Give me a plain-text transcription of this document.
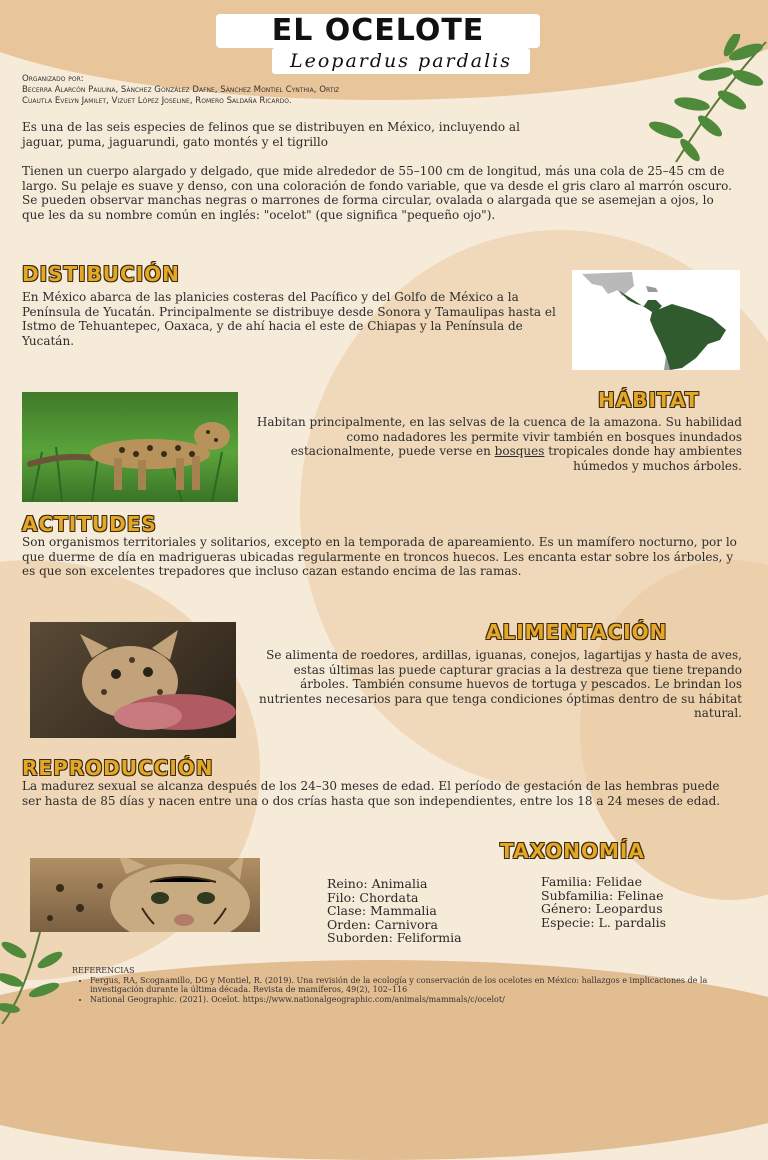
EL OCELOTE
Leopardus pardalis
Organizado por:
Becerra Alarcón Paulina, Sánchez González Dafne, Sánchez Montiel Cynthia, Ortiz
Cuautla Evelyn Jamilet, Vizuet López Joseline, Romero Saldaña Ricardo.
Es una de las seis especies de felinos que se distribuyen en México, incluyendo al jaguar, puma, jaguarundi, gato montés y el tigrillo
Tienen un cuerpo alargado y delgado, que mide alrededor de 55–100 cm de longitud, más una cola de 25–45 cm de largo. Su pelaje es suave y denso, con una coloración de fondo variable, que va desde el gris claro al marrón oscuro. Se pueden observar manchas negras o marrones de forma circular, ovalada o alargada que se asemejan a ojos, lo que les da su nombre común en inglés: "ocelot" (que significa "pequeño ojo").
DISTIBUCIÓN
En México abarca de las planicies costeras del Pacífico y del Golfo de México a la Península de Yucatán. Principalmente se distribuye desde Sonora y Tamaulipas hasta el Istmo de Tehuantepec, Oaxaca, y de ahí hacia el este de Chiapas y la Península de Yucatán.
HÁBITAT
Habitan principalmente, en las selvas de la cuenca de la amazona. Su habilidad como nadadores les permite vivir también en bosques inundados estacionalmente, puede verse en bosques tropicales donde hay ambientes húmedos y muchos árboles.
ACTITUDES
Son organismos territoriales y solitarios, excepto en la temporada de apareamiento. Es un mamífero nocturno, por lo que duerme de día en madrigueras ubicadas regularmente en troncos huecos. Les encanta estar sobre los árboles, y es que son excelentes trepadores que incluso cazan estando encima de las ramas.
ALIMENTACIÓN
Se alimenta de roedores, ardillas, iguanas, conejos, lagartijas y hasta de aves, estas últimas las puede capturar gracias a la destreza que tiene trepando árboles. También consume huevos de tortuga y pescados. Le brindan los nutrientes necesarios para que tenga condiciones óptimas dentro de su hábitat natural.
REPRODUCCIÓN
La madurez sexual se alcanza después de los 24–30 meses de edad. El período de gestación de las hembras puede ser hasta de 85 días y nacen entre una o dos crías hasta que son independientes, entre los 18 a 24 meses de edad.
TAXONOMÍA
Reino: Animalia
Filo: Chordata
Clase: Mammalia
Orden: Carnivora
Suborden: Feliformia
Familia: Felidae
Subfamilia: Felinae
Género: Leopardus
Especie: L. pardalis
REFERENCIAS
• Fergus, RA, Scognamillo, DG y Montiel, R. (2019). Una revisión de la ecología y conservación de los ocelotes en México: hallazgos e implicaciones de la investigación durante la última década. Revista de mamíferos, 49(2), 102–116
• National Geographic. (2021). Ocelot. https://www.nationalgeographic.com/animals/mammals/c/ocelot/
